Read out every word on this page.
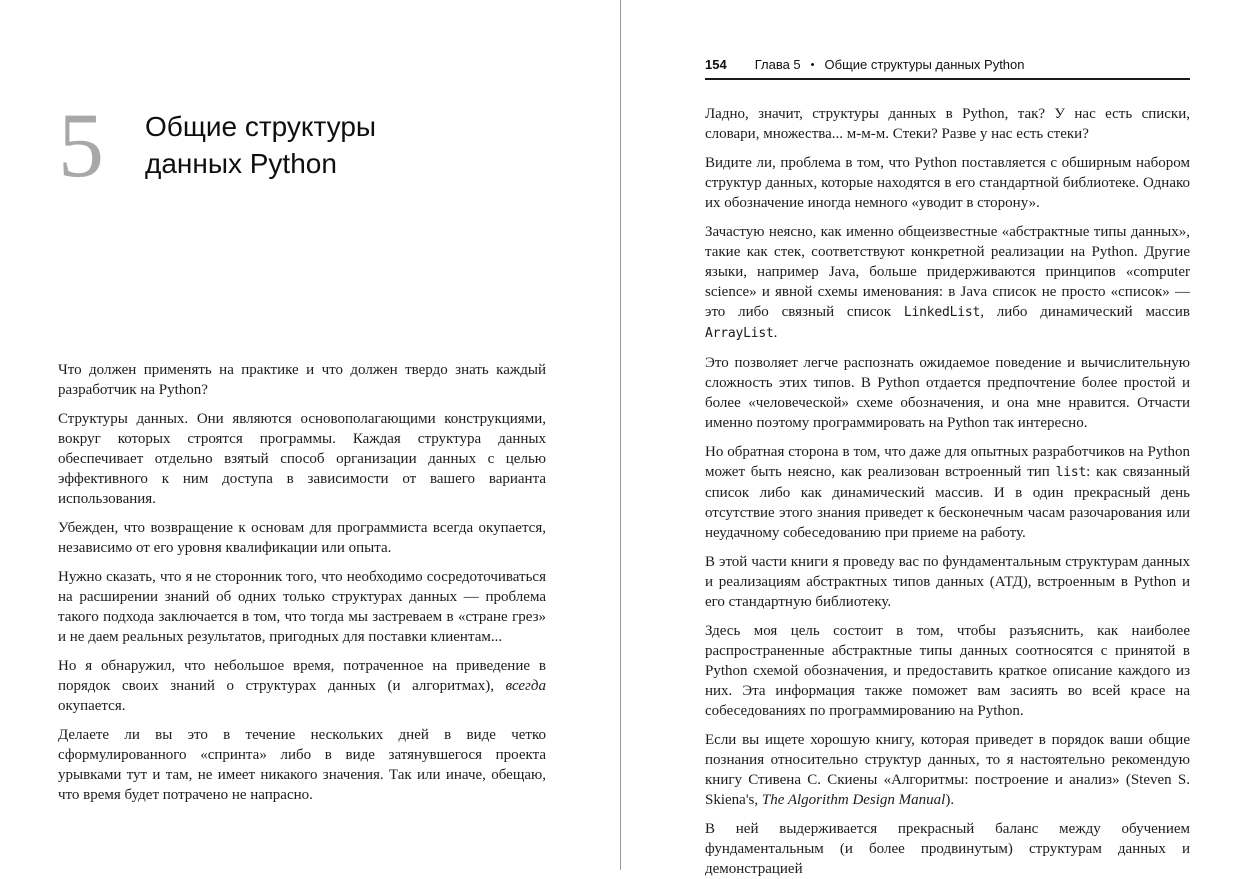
5	Общие структуры
данных Python

Что должен применять на практике и что должен твердо знать каждый разработчик на Python?

Структуры данных. Они являются основополагающими конструкциями, вокруг которых строятся программы. Каждая структура данных обеспечивает отдельно взятый способ организации данных с целью эффективного к ним доступа в зависимости от вашего варианта использования.

Убежден, что возвращение к основам для программиста всегда окупается, независимо от его уровня квалификации или опыта.

Нужно сказать, что я не сторонник того, что необходимо сосредоточиваться на расширении знаний об одних только структурах данных — проблема такого подхода заключается в том, что тогда мы застреваем в «стране грез» и не даем реальных результатов, пригодных для поставки клиентам...

Но я обнаружил, что небольшое время, потраченное на приведение в порядок своих знаний о структурах данных (и алгоритмах), всегда окупается.

Делаете ли вы это в течение нескольких дней в виде четко сформулированного «спринта» либо в виде затянувшегося проекта урывками тут и там, не имеет никакого значения. Так или иначе, обещаю, что время будет потрачено не напрасно.

154 Глава 5 • Общие структуры данных Python

Ладно, значит, структуры данных в Python, так? У нас есть списки, словари, множества... м-м-м. Стеки? Разве у нас есть стеки?

Видите ли, проблема в том, что Python поставляется с обширным набором структур данных, которые находятся в его стандартной библиотеке. Однако их обозначение иногда немного «уводит в сторону».

Зачастую неясно, как именно общеизвестные «абстрактные типы данных», такие как стек, соответствуют конкретной реализации на Python. Другие языки, например Java, больше придерживаются принципов «computer science» и явной схемы именования: в Java список не просто «список» — это либо связный список LinkedList, либо динамический массив ArrayList.

Это позволяет легче распознать ожидаемое поведение и вычислительную сложность этих типов. В Python отдается предпочтение более простой и более «человеческой» схеме обозначения, и она мне нравится. Отчасти именно поэтому программировать на Python так интересно.

Но обратная сторона в том, что даже для опытных разработчиков на Python может быть неясно, как реализован встроенный тип list: как связанный список либо как динамический массив. И в один прекрасный день отсутствие этого знания приведет к бесконечным часам разочарования или неудачному собеседованию при приеме на работу.

В этой части книги я проведу вас по фундаментальным структурам данных и реализациям абстрактных типов данных (АТД), встроенным в Python и его стандартную библиотеку.

Здесь моя цель состоит в том, чтобы разъяснить, как наиболее распространенные абстрактные типы данных соотносятся с принятой в Python схемой обозначения, и предоставить краткое описание каждого из них. Эта информация также поможет вам засиять во всей красе на собеседованиях по программированию на Python.

Если вы ищете хорошую книгу, которая приведет в порядок ваши общие познания относительно структур данных, то я настоятельно рекомендую книгу Стивена С. Скиены «Алгоритмы: построение и анализ» (Steven S. Skiena's, The Algorithm Design Manual).

В ней выдерживается прекрасный баланс между обучением фундаментальным (и более продвинутым) структурам данных и демонстрацией
